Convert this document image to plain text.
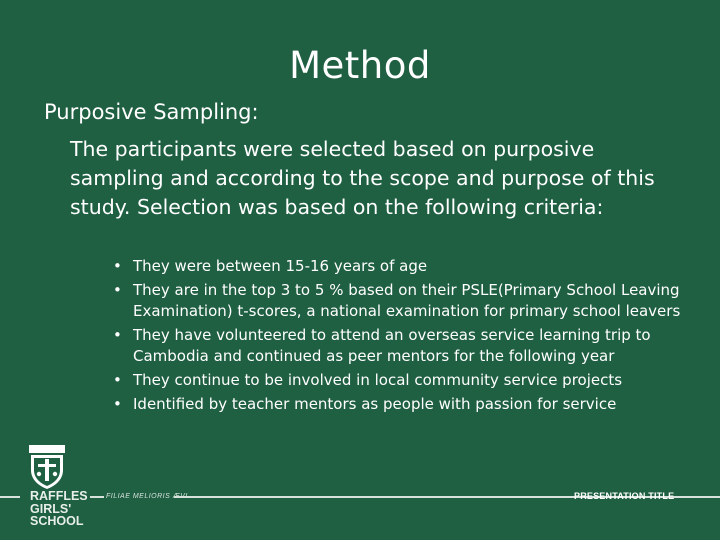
Method
Purposive Sampling:
The participants were selected based on purposive sampling and according to the scope and purpose of this study. Selection was based on the following criteria:
• They were between 15-16 years of age
• They are in the top 3 to 5 % based on their PSLE(Primary School Leaving Examination) t-scores, a national examination for primary school leavers
• They have volunteered to attend an overseas service learning trip to Cambodia and continued as peer mentors for the following year
• They continue to be involved in local community service projects
• Identified by teacher mentors as people with passion for service
RAFFLES
GIRLS'
SCHOOL
FILIAE MELIORIS ÆVI	PRESENTATION TITLE
